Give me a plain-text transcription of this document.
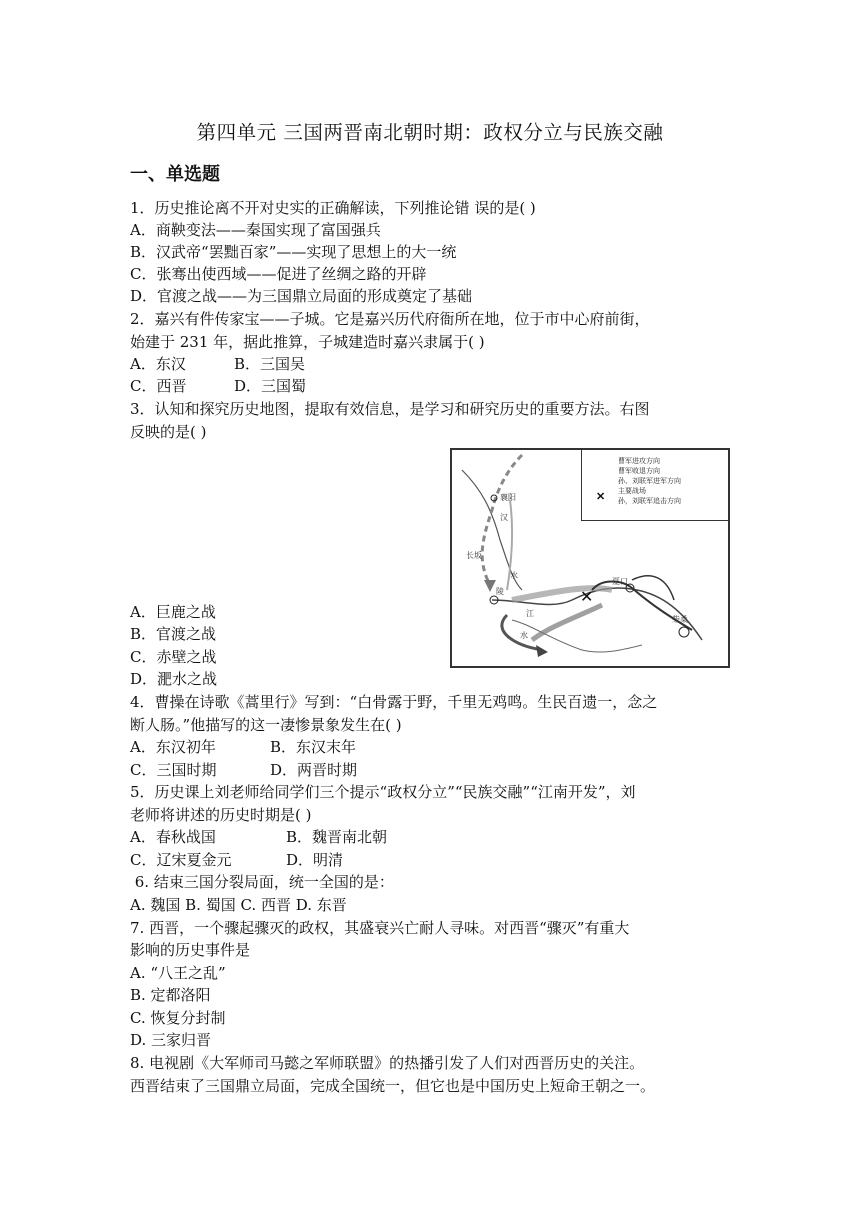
第四单元 三国两晋南北朝时期：政权分立与民族交融
一、单选题
1．历史推论离不开对史实的正确解读，下列推论错 误的是( )
A．商鞅变法——秦国实现了富国强兵
B．汉武帝“罢黜百家”——实现了思想上的大一统
C．张骞出使西域——促进了丝绸之路的开辟
D．官渡之战——为三国鼎立局面的形成奠定了基础
2．嘉兴有件传家宝——子城。它是嘉兴历代府衙所在地，位于市中心府前街，
始建于 231 年，据此推算，子城建造时嘉兴隶属于( )
A．东汉	B．三国吴
C．西晋	D．三国蜀
3．认知和探究历史地图，提取有效信息，是学习和研究历史的重要方法。右图
反映的是( )
✕
曹军进攻方向
曹军败退方向
孙、刘联军进军方向
✕ 主要战场
孙，刘联军追击方向
襄阳
汉
长坂
水
江
陵
水
夏口
柴桑
A．巨鹿之战
B．官渡之战
C．赤壁之战
D．淝水之战
4．曹操在诗歌《蒿里行》写到：“白骨露于野，千里无鸡鸣。生民百遗一，念之
断人肠。”他描写的这一凄惨景象发生在( )
A．东汉初年	B．东汉末年
C．三国时期	D．两晋时期
5．历史课上刘老师给同学们三个提示“政权分立”“民族交融”“江南开发”，刘
老师将讲述的历史时期是( )
A．春秋战国	B．魏晋南北朝
C．辽宋夏金元	D．明清
6. 结束三国分裂局面，统一全国的是：
A. 魏国 B. 蜀国 C. 西晋 D. 东晋
7. 西晋，一个骤起骤灭的政权，其盛衰兴亡耐人寻味。对西晋“骤灭”有重大
影响的历史事件是
A. “八王之乱”
B. 定都洛阳
C. 恢复分封制
D. 三家归晋
8. 电视剧《大军师司马懿之军师联盟》的热播引发了人们对西晋历史的关注。
西晋结束了三国鼎立局面，完成全国统一，但它也是中国历史上短命王朝之一。
